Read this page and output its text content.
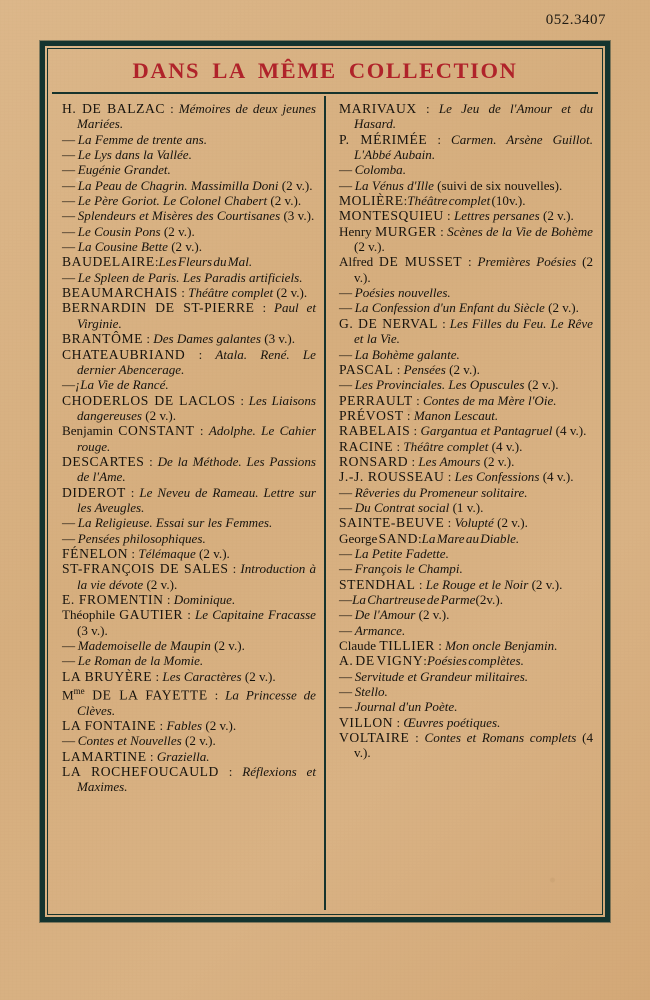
052.3407
DANS LA MÊME COLLECTION

H. DE BALZAC : Mémoires de deux jeunes Mariées.

— La Femme de trente ans.

— Le Lys dans la Vallée.

— Eugénie Grandet.

— La Peau de Chagrin. Massimilla Doni (2 v.).

— Le Père Goriot. Le Colonel Chabert (2 v.).

— Splendeurs et Misères des Courtisanes (3 v.).

— Le Cousin Pons (2 v.).

— La Cousine Bette (2 v.).

BAUDELAIRE:Les Fleurs du Mal.

— Le Spleen de Paris. Les Paradis artificiels.

BEAUMARCHAIS : Théâtre complet (2 v.).

BERNARDIN DE ST-PIERRE : Paul et Virginie.

BRANTÔME : Des Dames galantes (3 v.).

CHATEAUBRIAND : Atala. René. Le dernier Abencerage.

—¡La Vie de Rancé.

CHODERLOS DE LACLOS : Les Liaisons dangereuses (2 v.).

Benjamin CONSTANT : Adolphe. Le Cahier rouge.

DESCARTES : De la Méthode. Les Passions de l'Ame.

DIDEROT : Le Neveu de Rameau. Lettre sur les Aveugles.

— La Religieuse. Essai sur les Femmes.

— Pensées philosophiques.

FÉNELON : Télémaque (2 v.).

ST-FRANÇOIS DE SALES : Introduction à la vie dévote (2 v.).

E. FROMENTIN : Dominique.

Théophile GAUTIER : Le Capitaine Fracasse (3 v.).

— Mademoiselle de Maupin (2 v.).

— Le Roman de la Momie.

LA BRUYÈRE : Les Caractères (2 v.).

$M^{me}$ DE LA FAYETTE : La Princesse de Clèves.

LA FONTAINE : Fables (2 v.).

— Contes et Nouvelles (2 v.).

LAMARTINE : Graziella.

LA ROCHEFOUCAULD : Réflexions et Maximes.

MARIVAUX : Le Jeu de l'Amour et du Hasard.

P. MÉRIMÉE : Carmen. Arsène Guillot. L'Abbé Aubain.

— Colomba.

— La Vénus d'Ille (suivi de six nouvelles).

MOLIÈRE:Théâtre complet (10v.).

MONTESQUIEU : Lettres persanes (2 v.).

Henry MURGER : Scènes de la Vie de Bohème (2 v.).

Alfred DE MUSSET : Premières Poésies (2 v.).

— Poésies nouvelles.

— La Confession d'un Enfant du Siècle (2 v.).

G. DE NERVAL : Les Filles du Feu. Le Rêve et la Vie.

— La Bohème galante.

PASCAL : Pensées (2 v.).

— Les Provinciales. Les Opuscules (2 v.).

PERRAULT : Contes de ma Mère l'Oie.

PRÉVOST : Manon Lescaut.

RABELAIS : Gargantua et Pantagruel (4 v.).

RACINE : Théâtre complet (4 v.).

RONSARD : Les Amours (2 v.).

J.-J. ROUSSEAU : Les Confessions (4 v.).

— Rêveries du Promeneur solitaire.

— Du Contrat social (1 v.).

SAINTE-BEUVE : Volupté (2 v.).

George SAND:La Mare au Diable.

— La Petite Fadette.

— François le Champi.

STENDHAL : Le Rouge et le Noir (2 v.).

—La Chartreuse de Parme(2v.).

— De l'Amour (2 v.).

— Armance.

Claude TILLIER : Mon oncle Benjamin.

A. DE VIGNY:Poésies complètes.

— Servitude et Grandeur militaires.

— Stello.

— Journal d'un Poète.

VILLON : Œuvres poétiques.

VOLTAIRE : Contes et Romans complets (4 v.).
